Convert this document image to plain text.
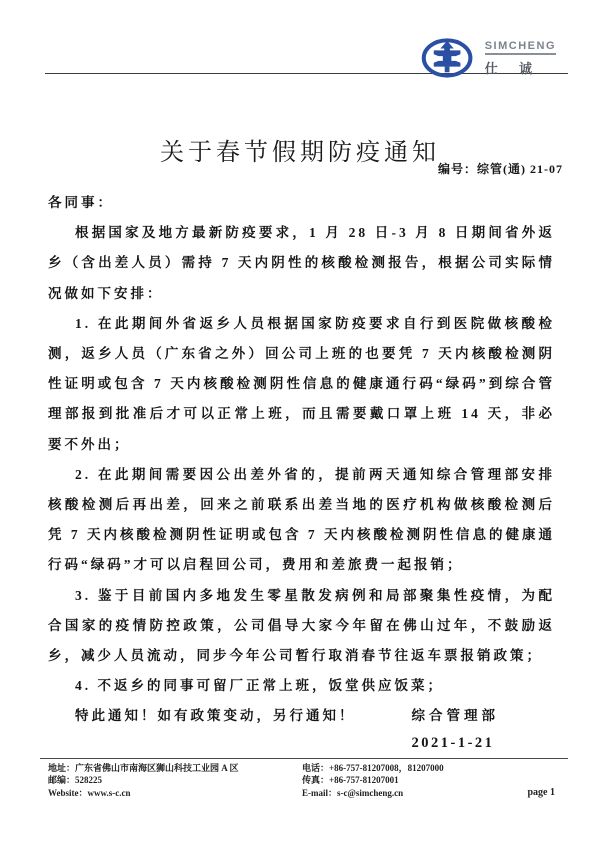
SIMCHENG
仕 诚
关于春节假期防疫通知
编号：综管(通) 21-07

各同事：

根据国家及地方最新防疫要求，1 月 28 日-3 月 8 日期间省外返乡（含出差人员）需持 7 天内阴性的核酸检测报告，根据公司实际情况做如下安排：

1. 在此期间外省返乡人员根据国家防疫要求自行到医院做核酸检测，返乡人员（广东省之外）回公司上班的也要凭 7 天内核酸检测阴性证明或包含 7 天内核酸检测阴性信息的健康通行码“绿码”到综合管理部报到批准后才可以正常上班，而且需要戴口罩上班 14 天，非必要不外出；

2. 在此期间需要因公出差外省的，提前两天通知综合管理部安排核酸检测后再出差，回来之前联系出差当地的医疗机构做核酸检测后凭 7 天内核酸检测阴性证明或包含 7 天内核酸检测阴性信息的健康通行码“绿码”才可以启程回公司，费用和差旅费一起报销；

3. 鉴于目前国内多地发生零星散发病例和局部聚集性疫情，为配合国家的疫情防控政策，公司倡导大家今年留在佛山过年，不鼓励返乡，减少人员流动，同步今年公司暂行取消春节往返车票报销政策；

4. 不返乡的同事可留厂正常上班，饭堂供应饭菜；

特此通知！如有政策变动，另行通知！	综合管理部
2021-1-21
地址：广东省佛山市南海区狮山科技工业园 A 区
邮编：528225
Website：www.s-c.cn
电话：+86-757-81207008，81207000
传真：+86-757-81207001
E-mail：s-c@simcheng.cn	page 1
